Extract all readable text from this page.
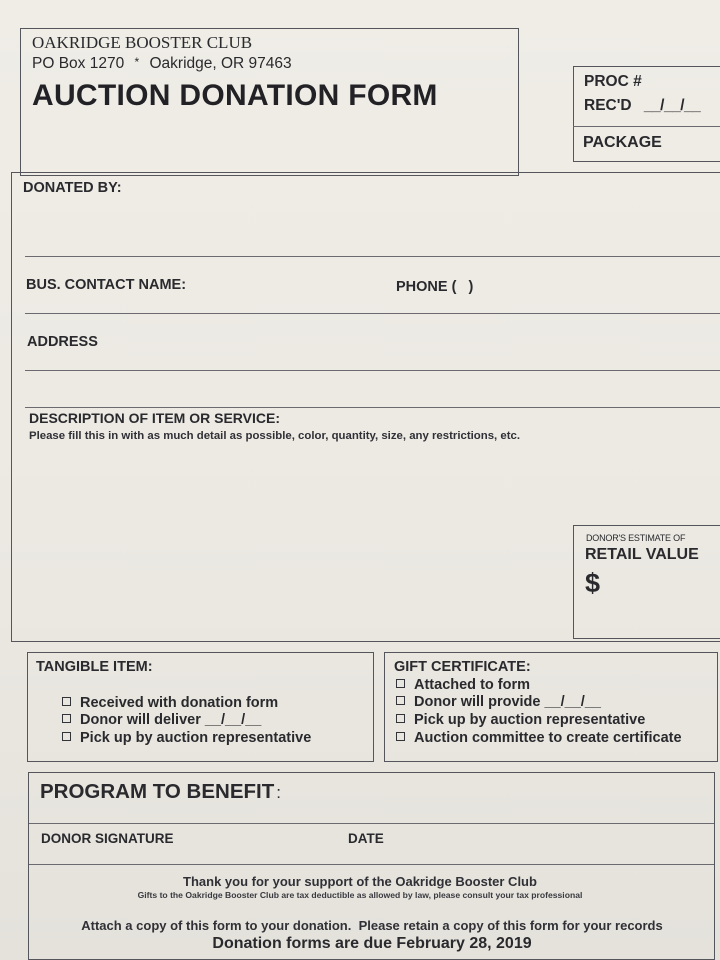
OAKRIDGE BOOSTER CLUB
PO Box 1270 * Oakridge, OR 97463
AUCTION DONATION FORM	PROC #
REC'D __/__/__
PACKAGE
DONATED BY:
BUS. CONTACT NAME:	PHONE (   )
ADDRESS
DESCRIPTION OF ITEM OR SERVICE:
Please fill this in with as much detail as possible, color, quantity, size, any restrictions, etc.
DONOR'S ESTIMATE OF
RETAIL VALUE
$
TANGIBLE ITEM:
Received with donation form
Donor will deliver __/__/__
Pick up by auction representative
GIFT CERTIFICATE:
Attached to form
Donor will provide __/__/__
Pick up by auction representative
Auction committee to create certificate
PROGRAM TO BENEFIT :
DONOR SIGNATURE	DATE
Thank you for your support of the Oakridge Booster Club
Gifts to the Oakridge Booster Club are tax deductible as allowed by law, please consult your tax professional
Attach a copy of this form to your donation.  Please retain a copy of this form for your records
Donation forms are due February 28, 2019
